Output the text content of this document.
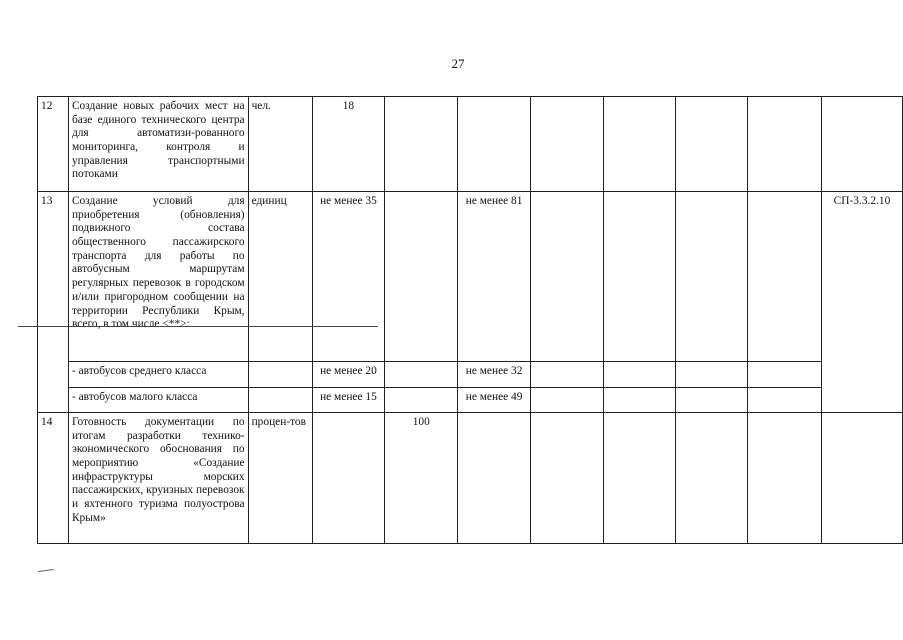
27
12	Создание новых рабочих мест на базе единого технического центра для автоматизи-рованного мониторинга, контроля и управления транспортными потоками	чел.	18							
13	Создание условий для приобретения (обновления) подвижного состава общественного пассажирского транспорта для работы по автобусным маршрутам регулярных перевозок в городском и/или пригородном сообщении на территории Республики Крым, всего, в том числе <**>:	единиц	не менее 35		не менее 81					СП-3.3.2.10
	- автобусов среднего класса		не менее 20		не менее 32					
	- автобусов малого класса		не менее 15		не менее 49					
14	Готовность документации по итогам разработки технико-экономического обоснования по мероприятию «Создание инфраструктуры морских пассажирских, круизных перевозок и яхтенного туризма полуострова Крым»	процен-тов		100						
